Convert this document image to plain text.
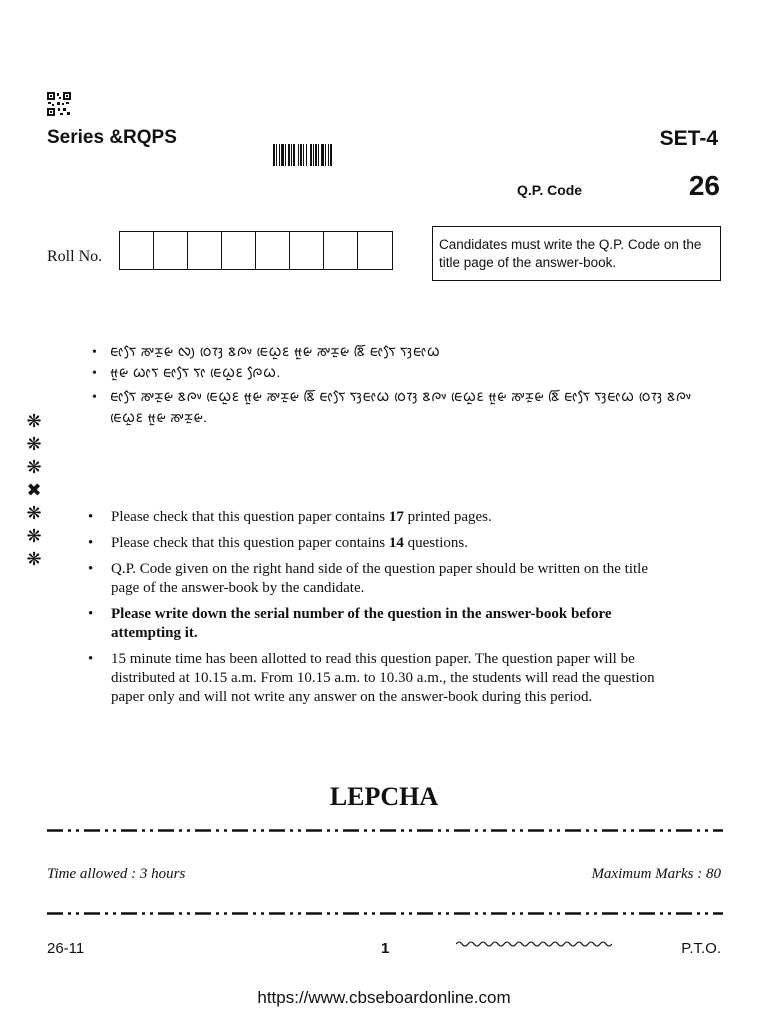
Series &RQPS	SET-4
Q.P. Code	26
Roll No.
Candidates must write the Q.P. Code on the title page of the answer-book.
• ᰀᰦᰛᰧ ᰕᰤᰌᰬᰡ ᰜᰪ ᰓᰨᰅᰫ ᰣᰍᰤ ᰀᰨᰃᰬᰚ ᰙᰬᰡ ᰕᰤᰌᰬᰡ ᰣᰩ ᰀᰦᰛᰧ ᰛᰫᰀᰦᰃ
• ᰙᰬᰡ ᰃᰦᰛ ᰀᰦᰛᰧ ᰛᰦ ᰀᰨᰃᰬᰚ ᰍᰧᰃ.
• ᰀᰦᰛᰧ ᰕᰤᰌᰬᰡ ᰣᰍᰤ ᰀᰨᰃᰬᰚ ᰙᰬᰡ ᰕᰤᰌᰬᰡ ᰣᰩ ᰀᰦᰛᰧ ᰛᰫᰀᰦᰃ ᰓᰨᰅᰫ ᰣᰍᰤ ᰀᰨᰃᰬᰚ ᰙᰬᰡ ᰕᰤᰌᰬᰡ ᰣᰩ ᰀᰦᰛᰧ ᰛᰫᰀᰦᰃ ᰓᰨᰅᰫ ᰣᰍᰤ ᰀᰨᰃᰬᰚ ᰙᰬᰡ ᰕᰤᰌᰬᰡ.
❋
❋
❋
✖
❋
❋
❋
• Please check that this question paper contains 17 printed pages.
• Please check that this question paper contains 14 questions.
• Q.P. Code given on the right hand side of the question paper should be written on the title page of the answer-book by the candidate.
• Please write down the serial number of the question in the answer-book before attempting it.
• 15 minute time has been allotted to read this question paper. The question paper will be distributed at 10.15 a.m. From 10.15 a.m. to 10.30 a.m., the students will read the question paper only and will not write any answer on the answer-book during this period.
LEPCHA
Time allowed : 3 hours	Maximum Marks : 80
26-11	1	P.T.O.
https://www.cbseboardonline.com
